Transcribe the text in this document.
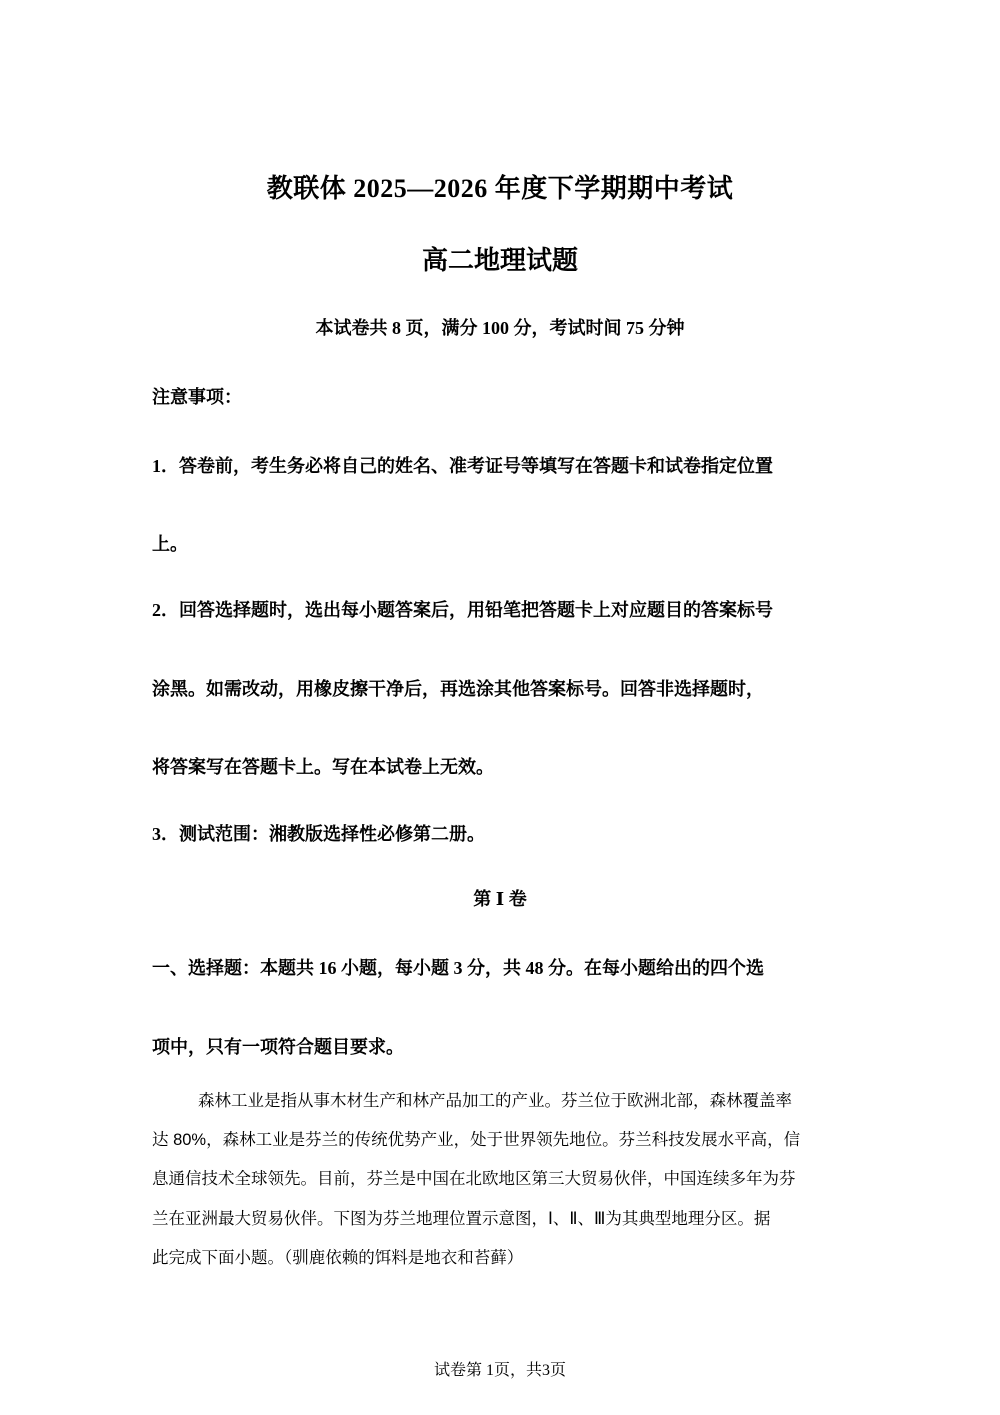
教联体 2025—2026 年度下学期期中考试
高二地理试题
本试卷共 8 页，满分 100 分，考试时间 75 分钟
注意事项：
1．答卷前，考生务必将自己的姓名、准考证号等填写在答题卡和试卷指定位置
上。
2．回答选择题时，选出每小题答案后，用铅笔把答题卡上对应题目的答案标号
涂黑。如需改动，用橡皮擦干净后，再选涂其他答案标号。回答非选择题时，
将答案写在答题卡上。写在本试卷上无效。
3．测试范围：湘教版选择性必修第二册。
第 Ⅰ 卷
一、选择题：本题共 16 小题，每小题 3 分，共 48 分。在每小题给出的四个选
项中，只有一项符合题目要求。
森林工业是指从事木材生产和林产品加工的产业。芬兰位于欧洲北部，森林覆盖率
达 80%，森林工业是芬兰的传统优势产业，处于世界领先地位。芬兰科技发展水平高，信
息通信技术全球领先。目前，芬兰是中国在北欧地区第三大贸易伙伴，中国连续多年为芬
兰在亚洲最大贸易伙伴。下图为芬兰地理位置示意图，Ⅰ、Ⅱ、Ⅲ为其典型地理分区。据
此完成下面小题。（驯鹿依赖的饵料是地衣和苔藓）
试卷第 1页，共3页
